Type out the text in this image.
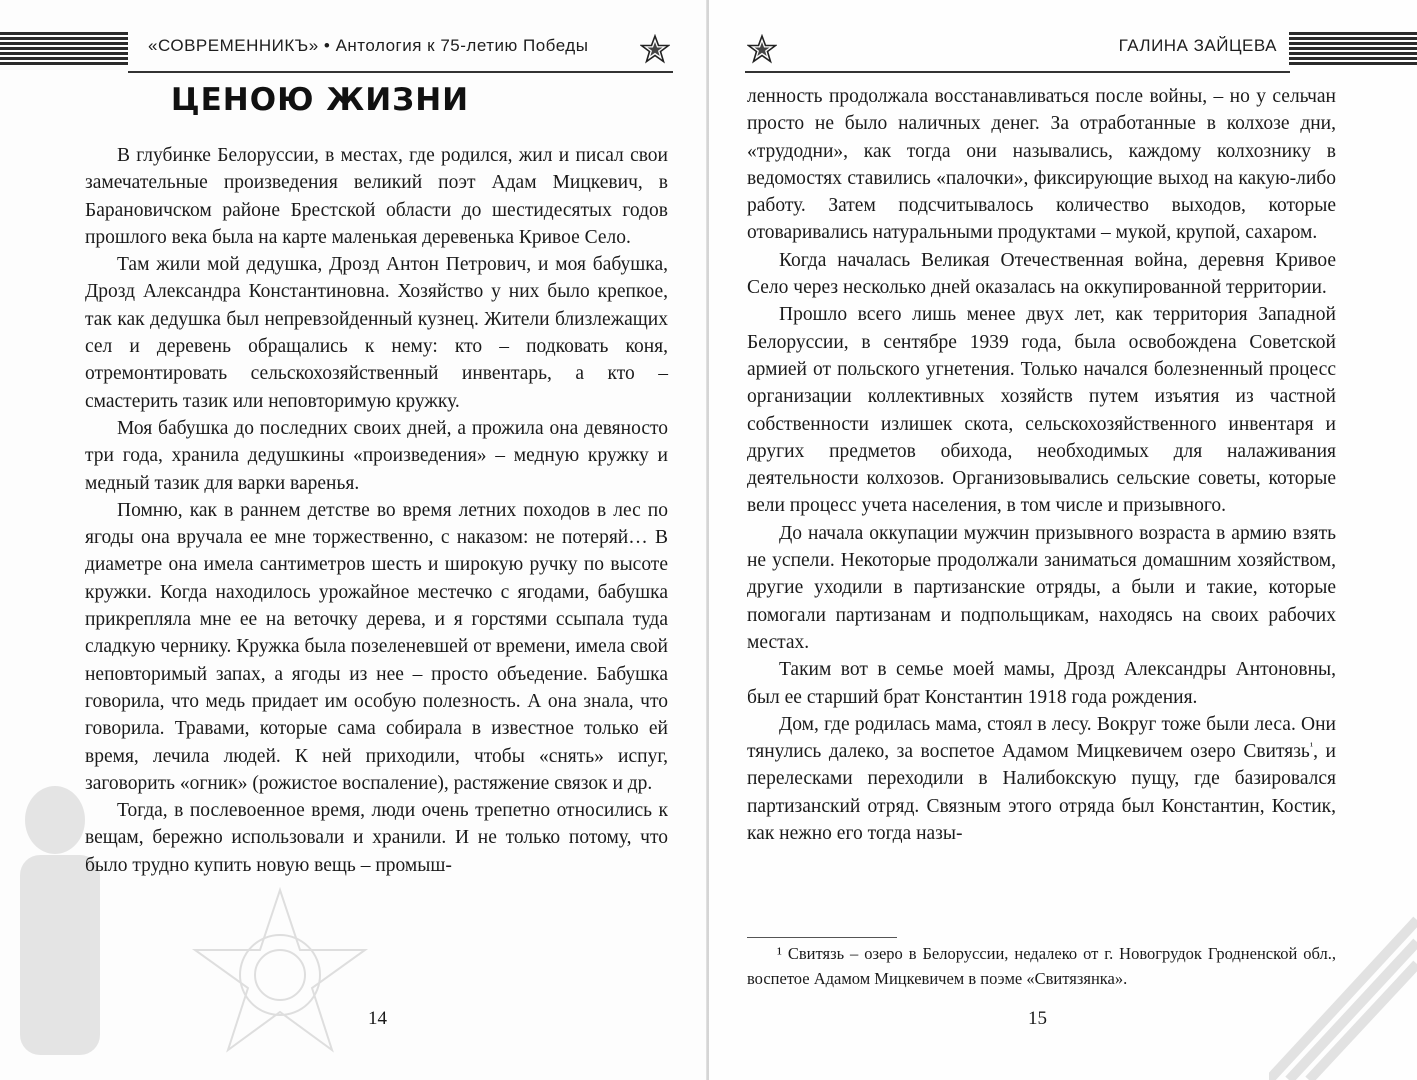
«СОВРЕМЕННИКЪ» • Антология к 75-летию Победы
ЦЕНОЮ ЖИЗНИ

В глубинке Белоруссии, в местах, где родился, жил и писал свои замечательные произведения великий поэт Адам Мицкевич, в Барановичском районе Брестской области до шестидесятых годов прошлого века была на карте маленькая деревенька Кривое Село.

Там жили мой дедушка, Дрозд Антон Петрович, и моя бабушка, Дрозд Александра Константиновна. Хозяйство у них было крепкое, так как дедушка был непревзойденный кузнец. Жители близлежащих сел и деревень обращались к нему: кто – подковать коня, отремонтировать сельскохозяйственный инвентарь, а кто – смастерить тазик или неповторимую кружку.

Моя бабушка до последних своих дней, а прожила она девяносто три года, хранила дедушкины «произведения» – медную кружку и медный тазик для варки варенья.

Помню, как в раннем детстве во время летних походов в лес по ягоды она вручала ее мне торжественно, с наказом: не потеряй… В диаметре она имела сантиметров шесть и широкую ручку по высоте кружки. Когда находилось урожайное местечко с ягодами, бабушка прикрепляла мне ее на веточку дерева, и я горстями ссыпала туда сладкую чернику. Кружка была позеленевшей от времени, имела свой неповторимый запах, а ягоды из нее – просто объедение. Бабушка говорила, что медь придает им особую полезность. А она знала, что говорила. Травами, которые сама собирала в известное только ей время, лечила людей. К ней приходили, чтобы «снять» испуг, заговорить «огник» (рожистое воспаление), растяжение связок и др.

Тогда, в послевоенное время, люди очень трепетно относились к вещам, бережно использовали и хранили. И не только потому, что было трудно купить новую вещь – промыш-

14
ГАЛИНА ЗАЙЦЕВА

ленность продолжала восстанавливаться после войны, – но у сельчан просто не было наличных денег. За отработанные в колхозе дни, «трудодни», как тогда они назывались, каждому колхознику в ведомостях ставились «палочки», фиксирующие выход на какую-либо работу. Затем подсчитывалось количество выходов, которые отоваривались натуральными продуктами – мукой, крупой, сахаром.

Когда началась Великая Отечественная война, деревня Кривое Село через несколько дней оказалась на оккупированной территории.

Прошло всего лишь менее двух лет, как территория Западной Белоруссии, в сентябре 1939 года, была освобождена Советской армией от польского угнетения. Только начался болезненный процесс организации коллективных хозяйств путем изъятия из частной собственности излишек скота, сельскохозяйственного инвентаря и других предметов обихода, необходимых для налаживания деятельности колхозов. Организовывались сельские советы, которые вели процесс учета населения, в том числе и призывного.

До начала оккупации мужчин призывного возраста в армию взять не успели. Некоторые продолжали заниматься домашним хозяйством, другие уходили в партизанские отряды, а были и такие, которые помогали партизанам и подпольщикам, находясь на своих рабочих местах.

Таким вот в семье моей мамы, Дрозд Александры Антоновны, был ее старший брат Константин 1918 года рождения.

Дом, где родилась мама, стоял в лесу. Вокруг тоже были леса. Они тянулись далеко, за воспетое Адамом Мицкевичем озеро Свитязь$^{^1}$, и перелесками переходили в Налибокскую пущу, где базировался партизанский отряд. Связным этого отряда был Константин, Костик, как нежно его тогда назы-

¹ Свитязь – озеро в Белоруссии, недалеко от г. Новогрудок Гродненской обл., воспетое Адамом Мицкевичем в поэме «Свитязянка».

15
